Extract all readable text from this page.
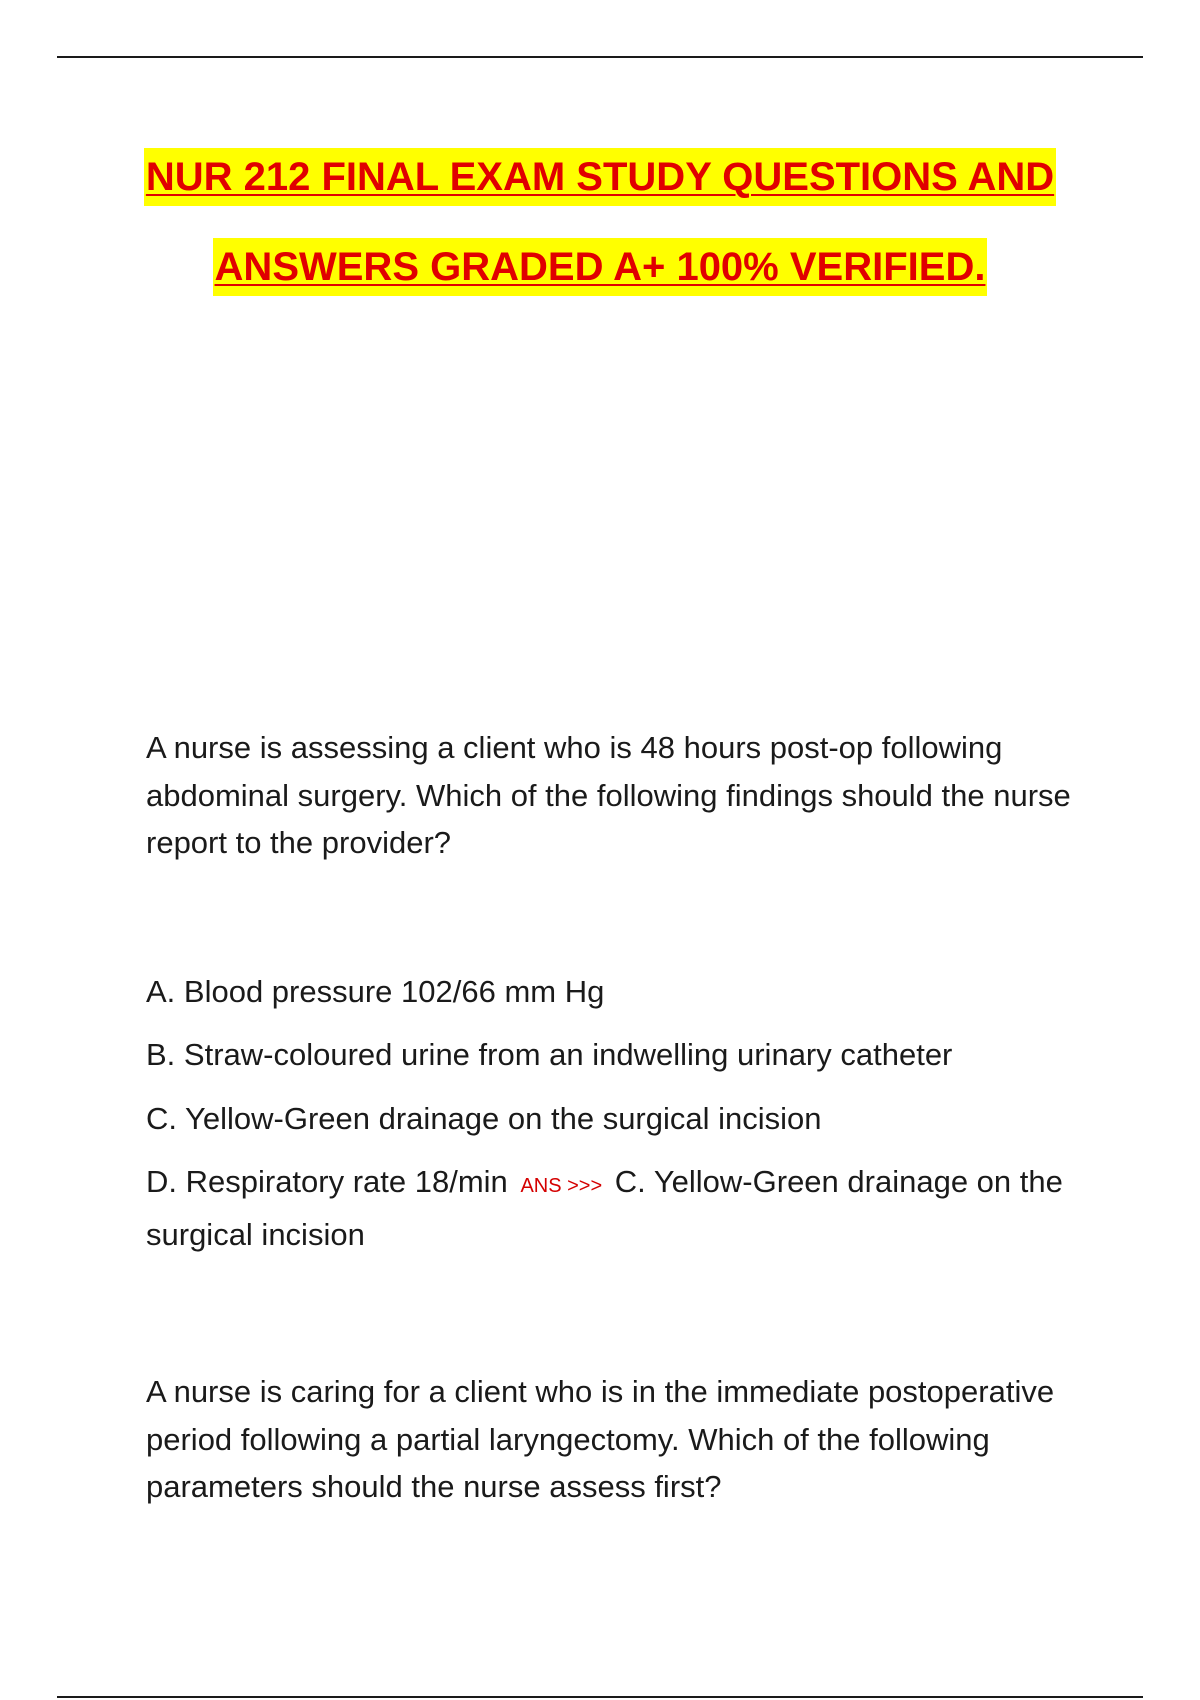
NUR 212 FINAL EXAM STUDY QUESTIONS AND
ANSWERS GRADED A+ 100% VERIFIED.

A nurse is assessing a client who is 48 hours post-op following abdominal surgery. Which of the following findings should the nurse report to the provider?

A. Blood pressure 102/66 mm Hg

B. Straw-coloured urine from an indwelling urinary catheter

C. Yellow-Green drainage on the surgical incision

D. Respiratory rate 18/min ANS >>> C. Yellow-Green drainage on the surgical incision

A nurse is caring for a client who is in the immediate postoperative period following a partial laryngectomy. Which of the following parameters should the nurse assess first?
